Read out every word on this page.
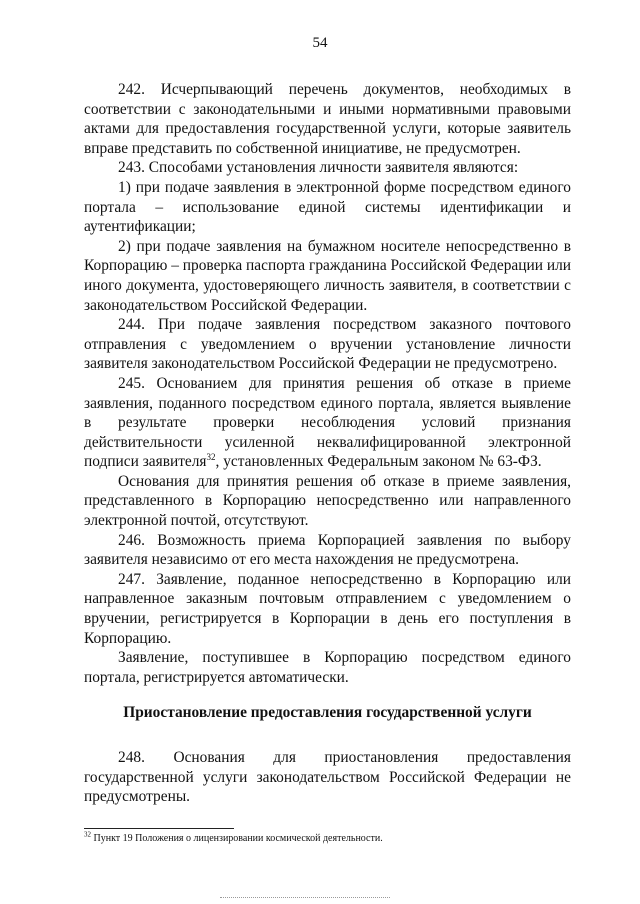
54

242. Исчерпывающий перечень документов, необходимых в соответствии с законодательными и иными нормативными правовыми актами для предоставления государственной услуги, которые заявитель вправе представить по собственной инициативе, не предусмотрен.

243. Способами установления личности заявителя являются:

1) при подаче заявления в электронной форме посредством единого портала – использование единой системы идентификации и аутентификации;

2) при подаче заявления на бумажном носителе непосредственно в Корпорацию – проверка паспорта гражданина Российской Федерации или иного документа, удостоверяющего личность заявителя, в соответствии с законодательством Российской Федерации.

244. При подаче заявления посредством заказного почтового отправления с уведомлением о вручении установление личности заявителя законодательством Российской Федерации не предусмотрено.

245. Основанием для принятия решения об отказе в приеме заявления, поданного посредством единого портала, является выявление в результате проверки несоблюдения условий признания действительности усиленной неквалифицированной электронной подписи заявителя$^{32}$, установленных Федеральным законом № 63-ФЗ.

Основания для принятия решения об отказе в приеме заявления, представленного в Корпорацию непосредственно или направленного электронной почтой, отсутствуют.

246. Возможность приема Корпорацией заявления по выбору заявителя независимо от его места нахождения не предусмотрена.

247. Заявление, поданное непосредственно в Корпорацию или направленное заказным почтовым отправлением с уведомлением о вручении, регистрируется в Корпорации в день его поступления в Корпорацию.

Заявление, поступившее в Корпорацию посредством единого портала, регистрируется автоматически.

Приостановление предоставления государственной услуги

248. Основания для приостановления предоставления государственной услуги законодательством Российской Федерации не предусмотрены.

$^{32}$ Пункт 19 Положения о лицензировании космической деятельности.
